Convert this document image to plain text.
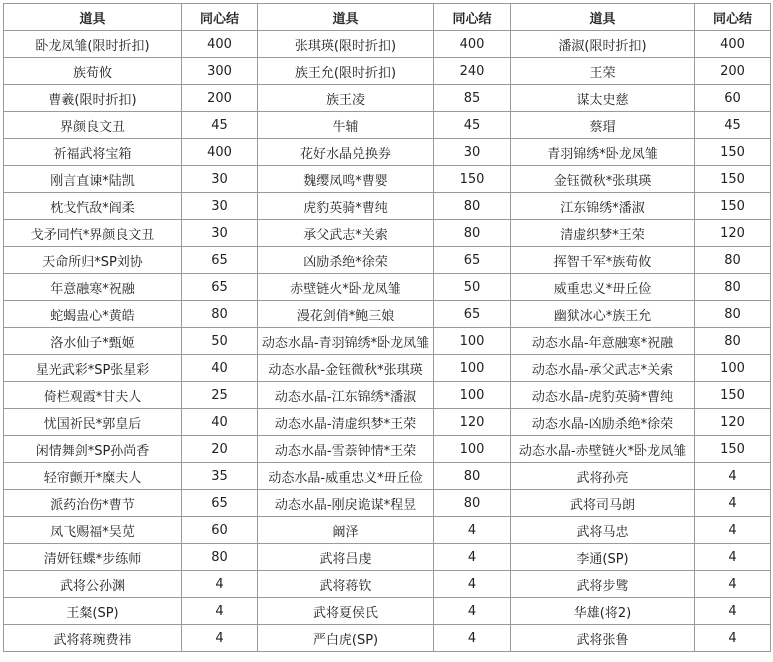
道具	同心结	道具	同心结	道具	同心结
卧龙凤雏(限时折扣)	400	张琪瑛(限时折扣)	400	潘淑(限时折扣)	400
族荀攸	300	族王允(限时折扣)	240	王荣	200
曹羲(限时折扣)	200	族王凌	85	谋太史慈	60
界颜良文丑	45	牛辅	45	蔡瑁	45
祈福武将宝箱	400	花好水晶兑换券	30	青羽锦绣*卧龙凤雏	150
刚言直谏*陆凯	30	魏缨凤鸣*曹婴	150	金钰微秋*张琪瑛	150
枕戈忾敌*阎柔	30	虎豹英骑*曹纯	80	江东锦绣*潘淑	150
戈矛同忾*界颜良文丑	30	承父武志*关索	80	清虚织梦*王荣	120
天命所归*SP刘协	65	凶励杀绝*徐荣	65	挥智千军*族荀攸	80
年意融寒*祝融	65	赤壁链火*卧龙凤雏	50	威重忠义*毌丘俭	80
蛇蝎蛊心*黄皓	80	漫花剑俏*鲍三娘	65	幽狱冰心*族王允	80
洛水仙子*甄姬	50	动态水晶-青羽锦绣*卧龙凤雏	100	动态水晶-年意融寒*祝融	80
星光武彩*SP张星彩	40	动态水晶-金钰微秋*张琪瑛	100	动态水晶-承父武志*关索	100
倚栏观霞*甘夫人	25	动态水晶-江东锦绣*潘淑	100	动态水晶-虎豹英骑*曹纯	150
忧国祈民*郭皇后	40	动态水晶-清虚织梦*王荣	120	动态水晶-凶励杀绝*徐荣	120
闲情舞剑*SP孙尚香	20	动态水晶-雪萘钟情*王荣	100	动态水晶-赤壁链火*卧龙凤雏	150
轻帘颤开*糜夫人	35	动态水晶-威重忠义*毌丘俭	80	武将孙亮	4
派药治伤*曹节	65	动态水晶-刚戾诡谋*程昱	80	武将司马朗	4
凤飞赐福*吴苋	60	阚泽	4	武将马忠	4
清妍钰蝶*步练师	80	武将吕虔	4	李通(SP)	4
武将公孙渊	4	武将蒋钦	4	武将步骘	4
王粲(SP)	4	武将夏侯氏	4	华雄(将2)	4
武将蒋琬费祎	4	严白虎(SP)	4	武将张鲁	4
